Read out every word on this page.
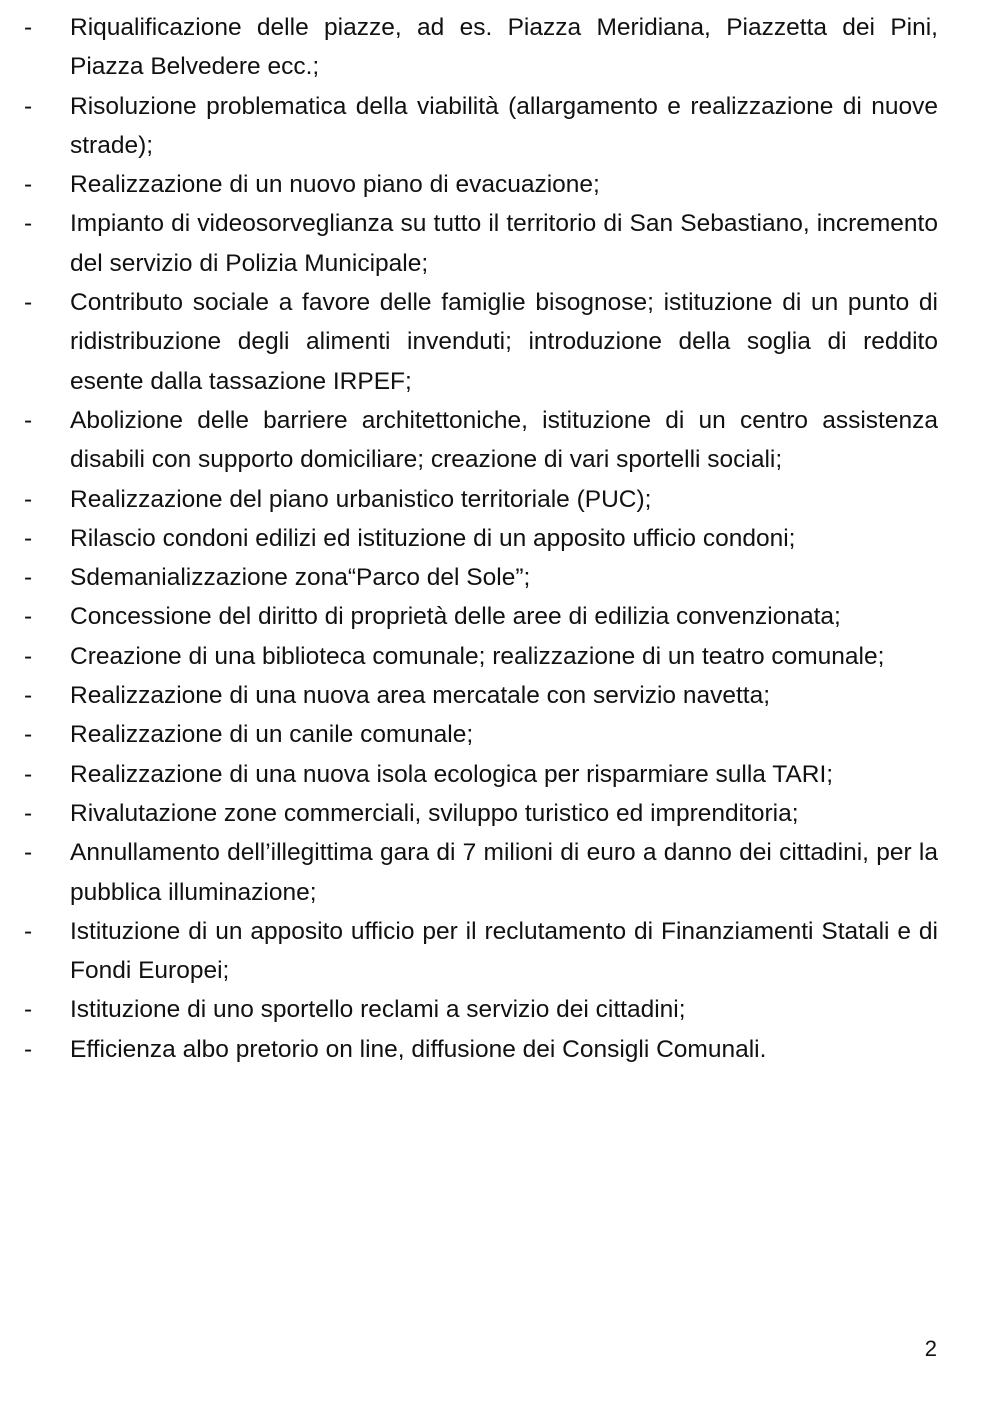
-	Riqualificazione delle piazze, ad es. Piazza Meridiana, Piazzetta dei Pini, Piazza Belvedere ecc.;
-	Risoluzione problematica della viabilità (allargamento e realizzazione di nuove strade);
-	Realizzazione di un nuovo piano di evacuazione;
-	Impianto di videosorveglianza su tutto il territorio di San Sebastiano, incremento del servizio di Polizia Municipale;
-	Contributo sociale a favore delle famiglie bisognose; istituzione di un punto di ridistribuzione degli alimenti invenduti; introduzione della soglia di reddito esente dalla tassazione IRPEF;
-	Abolizione delle barriere architettoniche, istituzione di un centro assistenza disabili con supporto domiciliare; creazione di vari sportelli sociali;
-	Realizzazione del piano urbanistico territoriale (PUC);
-	Rilascio condoni edilizi ed istituzione di un apposito ufficio condoni;
-	Sdemanializzazione zona“Parco del Sole”;
-	Concessione del diritto di proprietà delle aree di edilizia convenzionata;
-	Creazione di una biblioteca comunale; realizzazione di un teatro comunale;
-	Realizzazione di una nuova area mercatale con servizio navetta;
-	Realizzazione di un canile comunale;
-	Realizzazione di una nuova isola ecologica per risparmiare sulla TARI;
-	Rivalutazione zone commerciali, sviluppo turistico ed imprenditoria;
-	Annullamento dell’illegittima gara di 7 milioni di euro a danno dei cittadini, per la pubblica illuminazione;
-	Istituzione di un apposito ufficio per il reclutamento di Finanziamenti Statali e di Fondi Europei;
-	Istituzione di uno sportello reclami a servizio dei cittadini;
-	Efficienza albo pretorio on line, diffusione dei Consigli Comunali.
2
